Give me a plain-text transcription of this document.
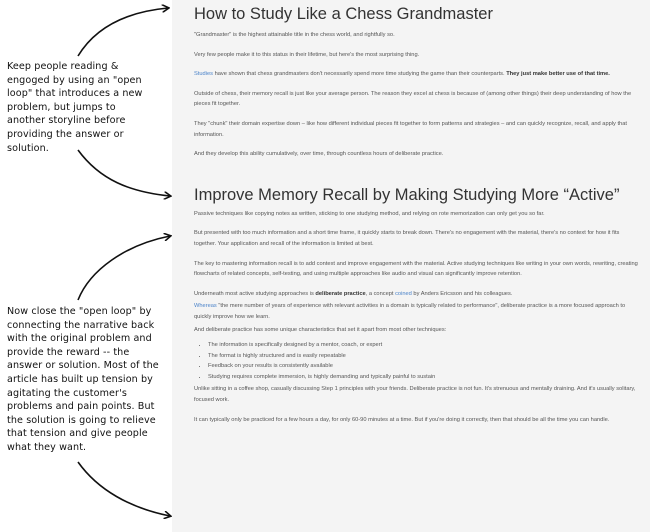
Keep people reading & engoged by using an "open loop" that introduces a new problem, but jumps to another storyline before providing the answer or solution.
Now close the "open loop" by connecting the narrative back with the original problem and provide the reward -- the answer or solution. Most of the article has built up tension by agitating the customer's problems and pain points. But the solution is going to relieve that tension and give people what they want.
How to Study Like a Chess Grandmaster

"Grandmaster" is the highest attainable title in the chess world, and rightfully so.

Very few people make it to this status in their lifetime, but here's the most surprising thing.

Studies have shown that chess grandmasters don't necessarily spend more time studying the game than their counterparts. They just make better use of that time.

Outside of chess, their memory recall is just like your average person. The reason they excel at chess is because of (among other things) their deep understanding of how the pieces fit together.

They "chunk" their domain expertise down – like how different individual pieces fit together to form patterns and strategies – and can quickly recognize, recall, and apply that information.

And they develop this ability cumulatively, over time, through countless hours of deliberate practice.

Improve Memory Recall by Making Studying More “Active”

Passive techniques like copying notes as written, sticking to one studying method, and relying on rote memorization can only get you so far.

But presented with too much information and a short time frame, it quickly starts to break down. There's no engagement with the material, there's no context for how it fits together. Your application and recall of the information is limited at best.

The key to mastering information recall is to add context and improve engagement with the material. Active studying techniques like writing in your own words, rewriting, creating flowcharts of related concepts, self-testing, and using multiple approaches like audio and visual can significantly improve retention.

Underneath most active studying approaches is deliberate practice, a concept coined by Anders Ericsson and his colleagues.

Whereas "the mere number of years of experience with relevant activities in a domain is typically related to performance", deliberate practice is a more focused approach to quickly improve how we learn.

And deliberate practice has some unique characteristics that set it apart from most other techniques:

• The information is specifically designed by a mentor, coach, or expert
• The format is highly structured and is easily repeatable
• Feedback on your results is consistently available
• Studying requires complete immersion, is highly demanding and typically painful to sustain

Unlike sitting in a coffee shop, casually discussing Step 1 principles with your friends. Deliberate practice is not fun. It's strenuous and mentally draining. And it's usually solitary, focused work.

It can typically only be practiced for a few hours a day, for only 60-90 minutes at a time. But if you're doing it correctly, then that should be all the time you can handle.
